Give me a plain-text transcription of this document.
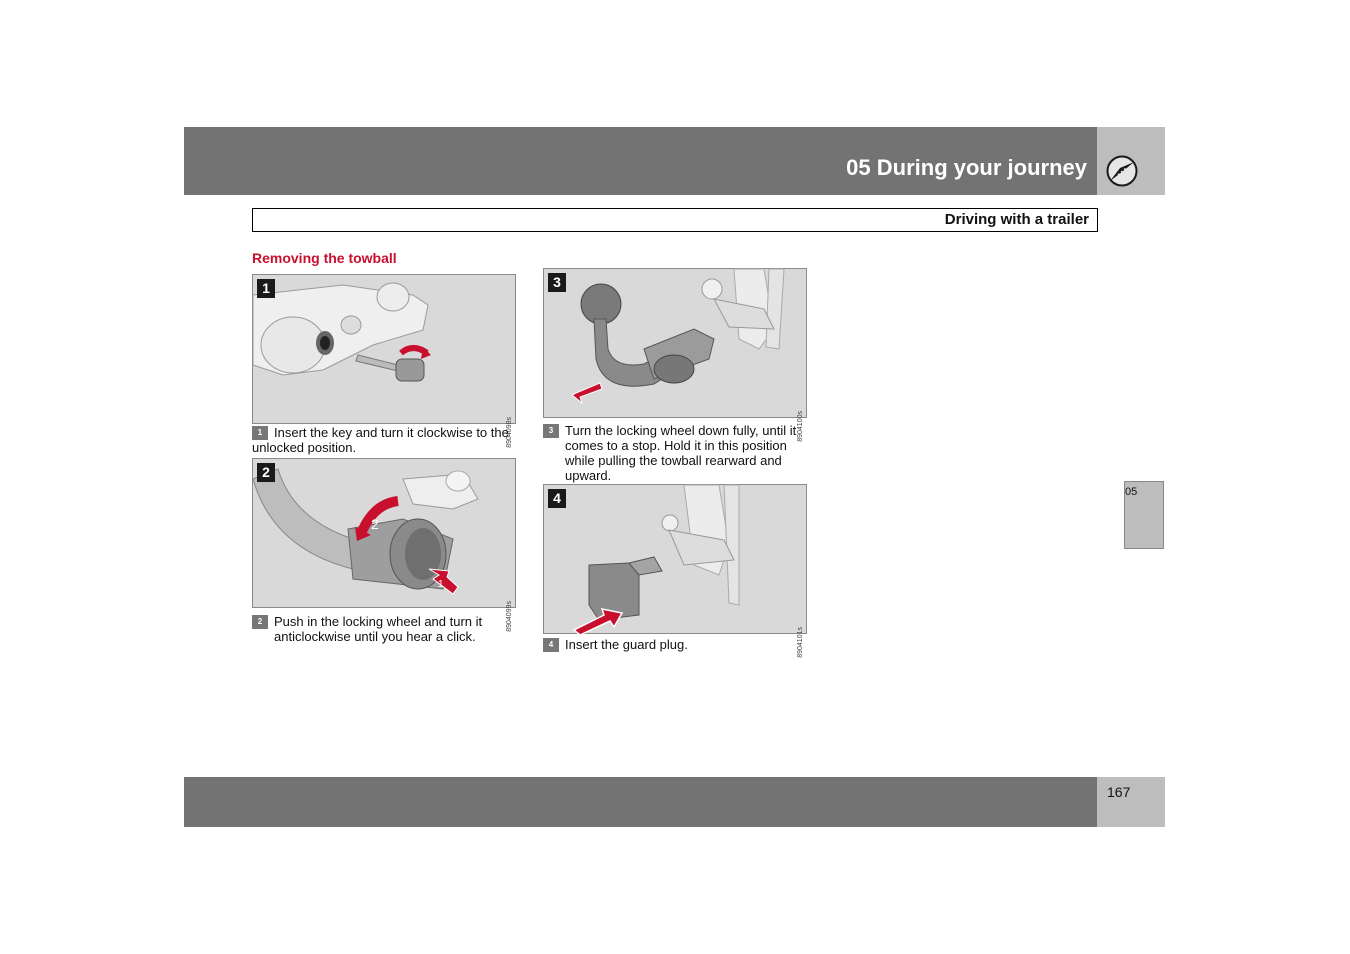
05 During your journey
Driving with a trailer
Removing the towball
1
8904098s
1 Insert the key and turn it clockwise to the unlocked position.
2
1
2
8904099s
2 Push in the locking wheel and turn it anticlockwise until you hear a click.
3
8904100s
3 Turn the locking wheel down fully, until it comes to a stop. Hold it in this position while pulling the towball rearward and upward.
4
8904101s
4 Insert the guard plug.
05
167
